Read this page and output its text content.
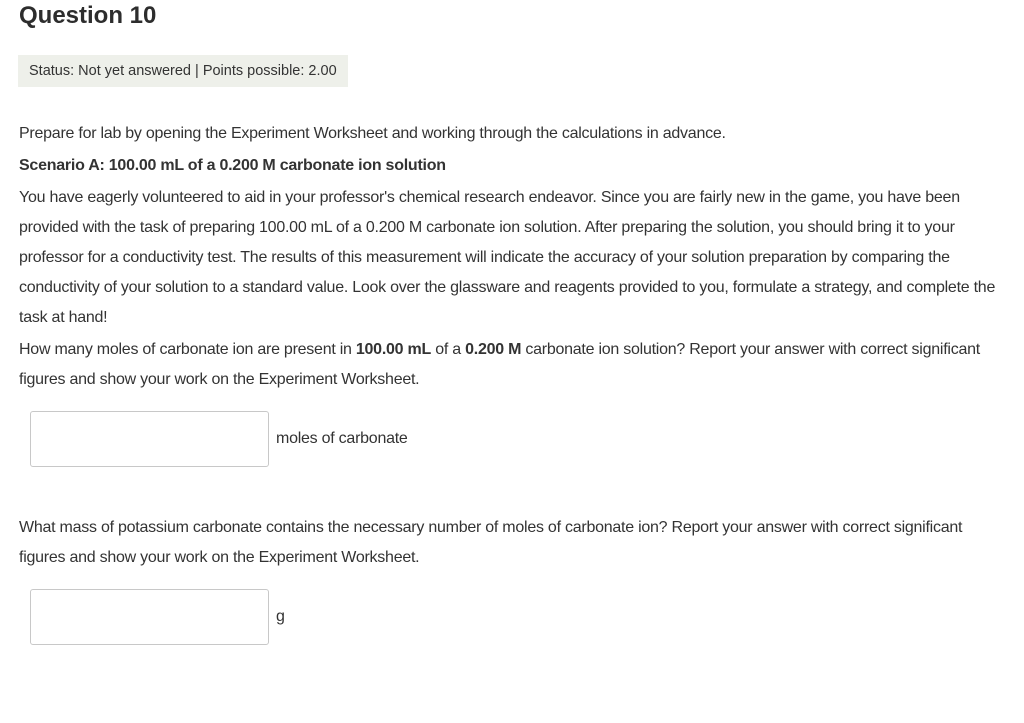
Question 10
Status: Not yet answered | Points possible: 2.00

Prepare for lab by opening the Experiment Worksheet and working through the calculations in advance.

Scenario A: 100.00 mL of a 0.200 M carbonate ion solution

You have eagerly volunteered to aid in your professor's chemical research endeavor. Since you are fairly new in the game, you have been provided with the task of preparing 100.00 mL of a 0.200 M carbonate ion solution. After preparing the solution, you should bring it to your professor for a conductivity test. The results of this measurement will indicate the accuracy of your solution preparation by comparing the conductivity of your solution to a standard value. Look over the glassware and reagents provided to you, formulate a strategy, and complete the task at hand!

How many moles of carbonate ion are present in 100.00 mL of a 0.200 M carbonate ion solution? Report your answer with correct significant figures and show your work on the Experiment Worksheet.

moles of carbonate

What mass of potassium carbonate contains the necessary number of moles of carbonate ion? Report your answer with correct significant figures and show your work on the Experiment Worksheet.

g
